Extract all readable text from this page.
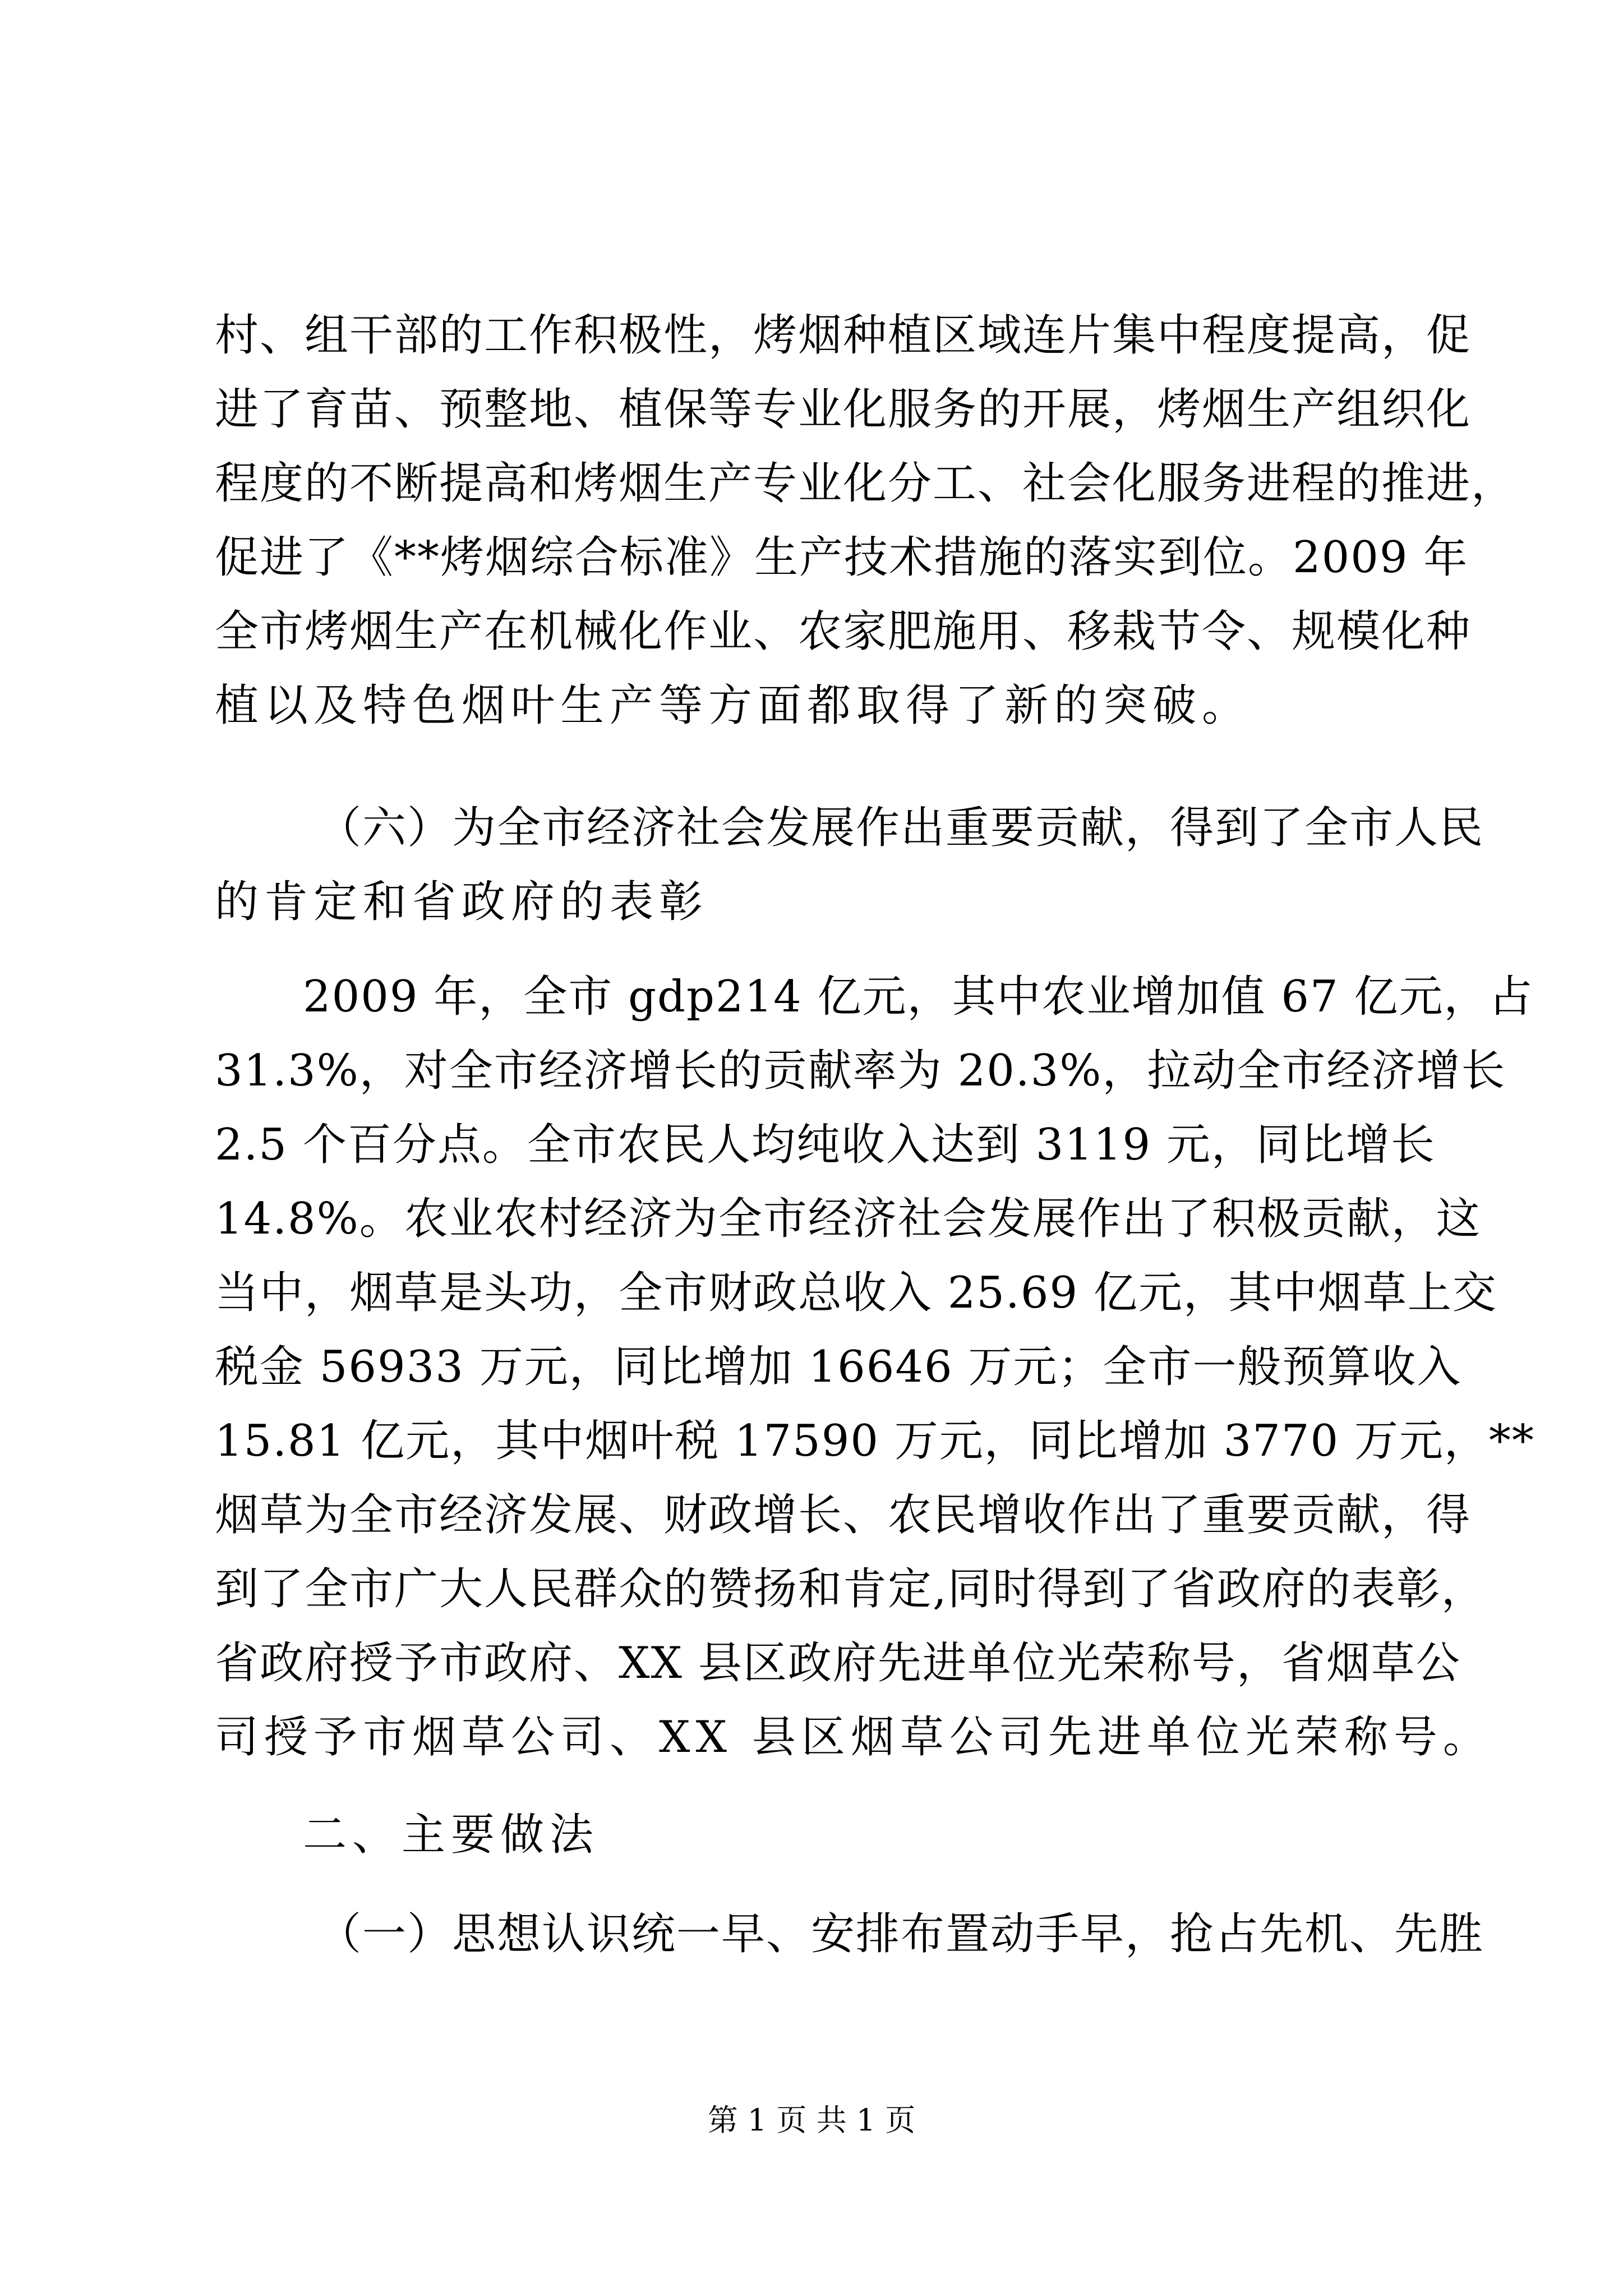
村、组干部的工作积极性，烤烟种植区域连片集中程度提高，促
进了育苗、预整地、植保等专业化服务的开展，烤烟生产组织化
程度的不断提高和烤烟生产专业化分工、社会化服务进程的推进，
促进了《**烤烟综合标准》生产技术措施的落实到位。2009 年
全市烤烟生产在机械化作业、农家肥施用、移栽节令、规模化种
植以及特色烟叶生产等方面都取得了新的突破。
（六）为全市经济社会发展作出重要贡献，得到了全市人民
的肯定和省政府的表彰
2009 年，全市 gdp214 亿元，其中农业增加值 67 亿元，占
31.3%，对全市经济增长的贡献率为 20.3%，拉动全市经济增长
2.5 个百分点。全市农民人均纯收入达到 3119 元，同比增长
14.8%。农业农村经济为全市经济社会发展作出了积极贡献，这
当中，烟草是头功，全市财政总收入 25.69 亿元，其中烟草上交
税金 56933 万元，同比增加 16646 万元；全市一般预算收入
15.81 亿元，其中烟叶税 17590 万元，同比增加 3770 万元，**
烟草为全市经济发展、财政增长、农民增收作出了重要贡献，得
到了全市广大人民群众的赞扬和肯定,同时得到了省政府的表彰，
省政府授予市政府、XX 县区政府先进单位光荣称号，省烟草公
司授予市烟草公司、XX 县区烟草公司先进单位光荣称号。
二、主要做法
（一）思想认识统一早、安排布置动手早，抢占先机、先胜
第 1 页 共 1 页
